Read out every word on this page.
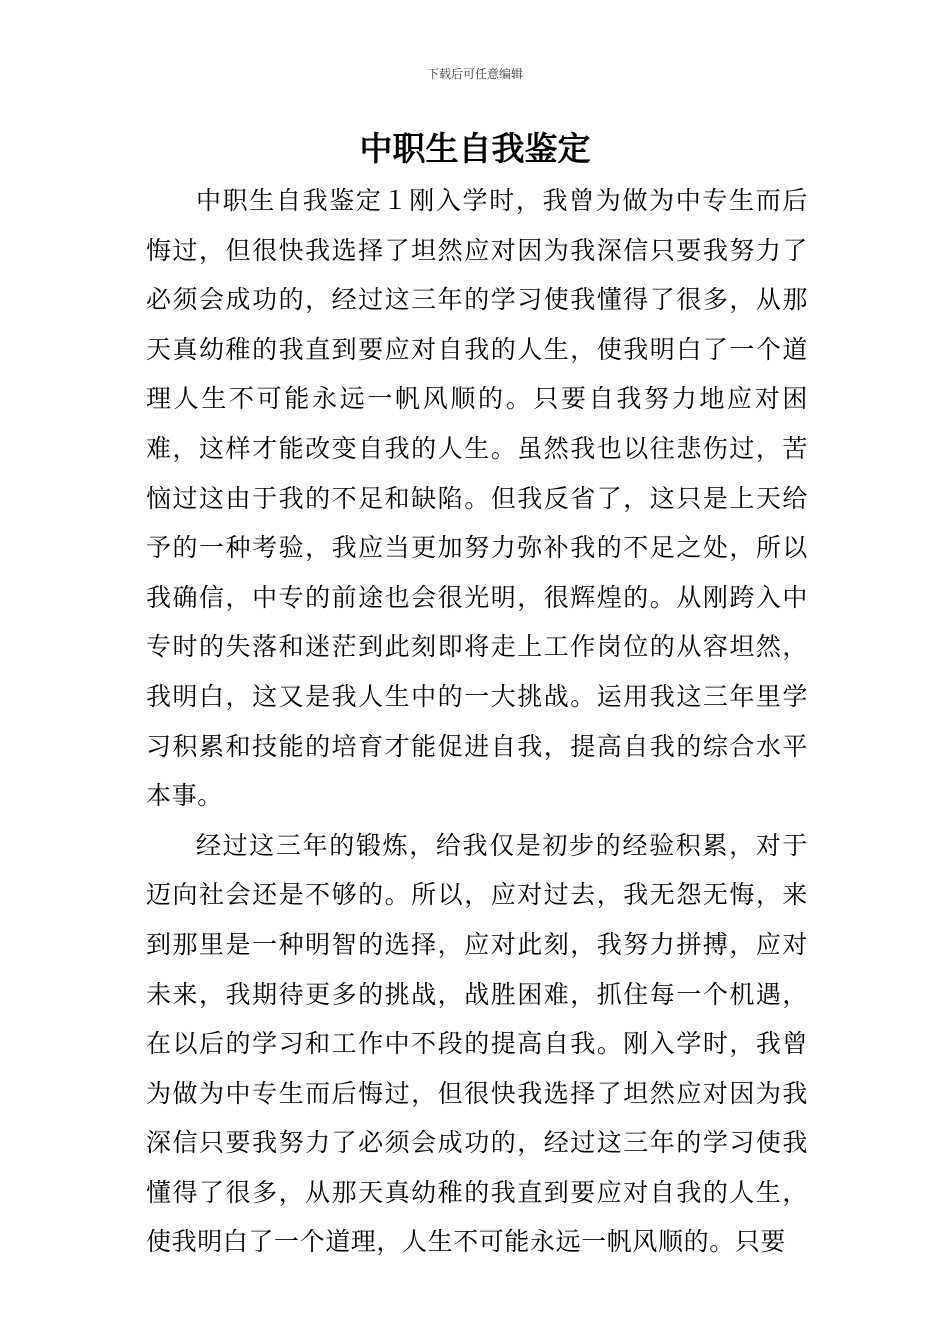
下载后可任意编辑
中职生自我鉴定

中职生自我鉴定１刚入学时，我曾为做为中专生而后悔过，但很快我选择了坦然应对因为我深信只要我努力了必须会成功的，经过这三年的学习使我懂得了很多，从那天真幼稚的我直到要应对自我的人生，使我明白了一个道理人生不可能永远一帆风顺的。只要自我努力地应对困难，这样才能改变自我的人生。虽然我也以往悲伤过，苦恼过这由于我的不足和缺陷。但我反省了，这只是上天给予的一种考验，我应当更加努力弥补我的不足之处，所以我确信，中专的前途也会很光明，很辉煌的。从刚跨入中专时的失落和迷茫到此刻即将走上工作岗位的从容坦然，我明白，这又是我人生中的一大挑战。运用我这三年里学习积累和技能的培育才能促进自我，提高自我的综合水平本事。

经过这三年的锻炼，给我仅是初步的经验积累，对于迈向社会还是不够的。所以，应对过去，我无怨无悔，来到那里是一种明智的选择，应对此刻，我努力拼搏，应对未来，我期待更多的挑战，战胜困难，抓住每一个机遇，在以后的学习和工作中不段的提高自我。刚入学时，我曾为做为中专生而后悔过，但很快我选择了坦然应对因为我深信只要我努力了必须会成功的，经过这三年的学习使我懂得了很多，从那天真幼稚的我直到要应对自我的人生，使我明白了一个道理，人生不可能永远一帆风顺的。只要
